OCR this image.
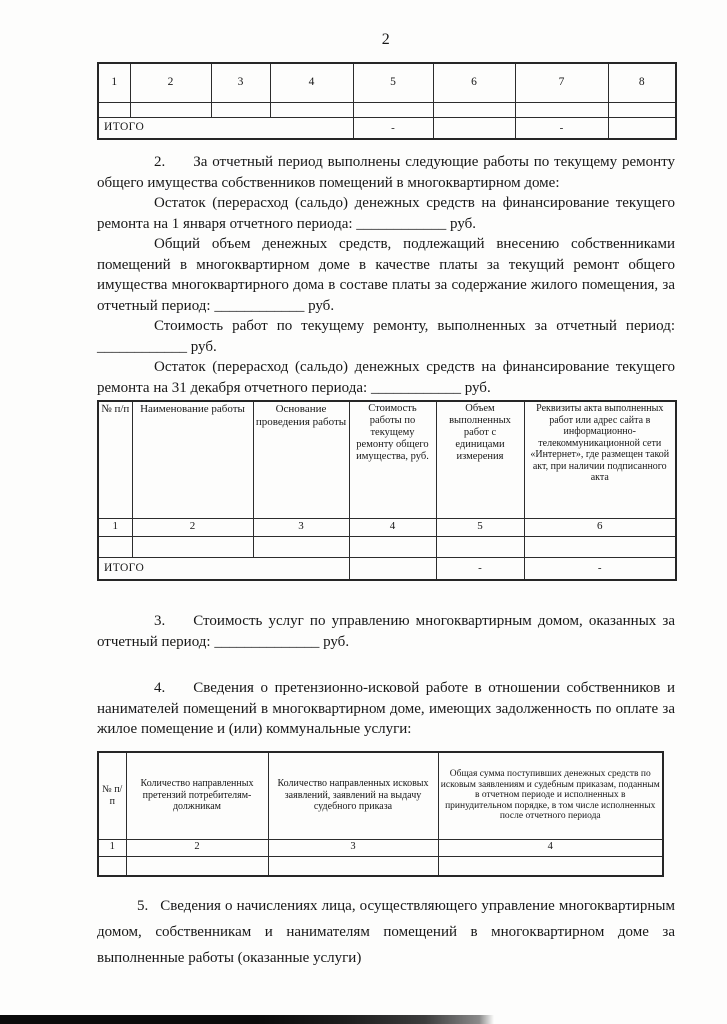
2
1	2	3	4	5	6	7	8

ИТОГО				-		-	

2. За отчетный период выполнены следующие работы по текущему ремонту общего имущества собственников помещений в многоквартирном доме:

Остаток (перерасход (сальдо) денежных средств на финансирование текущего ремонта на 1 января отчетного периода: ____________ руб.

Общий объем денежных средств, подлежащий внесению собственниками помещений в многоквартирном доме в качестве платы за текущий ремонт общего имущества многоквартирного дома в составе платы за содержание жилого помещения, за отчетный период: ____________ руб.

Стоимость работ по текущему ремонту, выполненных за отчетный период: ____________ руб.

Остаток (перерасход (сальдо) денежных средств на финансирование текущего ремонта на 31 декабря отчетного периода: ____________ руб.

№ п/п	Наименование работы	Основание проведения работы	Стоимость работы по текущему ремонту общего имущества, руб.	Объем выполненных работ с единицами измерения	Реквизиты акта выполненных работ или адрес сайта в информационно-телекоммуникационной сети «Интернет», где размещен такой акт, при наличии подписанного акта
1	2	3	4	5	6

ИТОГО				-	-

3. Стоимость услуг по управлению многоквартирным домом, оказанных за отчетный период: ______________ руб.

4. Сведения о претензионно-исковой работе в отношении собственников и нанимателей помещений в многоквартирном доме, имеющих задолженность по оплате за жилое помещение и (или) коммунальные услуги:

№ п/п	Количество направленных претензий потребителям-должникам	Количество направленных исковых заявлений, заявлений на выдачу судебного приказа	Общая сумма поступивших денежных средств по исковым заявлениям и судебным приказам, поданным в отчетном периоде и исполненных в принудительном порядке, в том числе исполненных после отчетного периода
1	2	3	4

5. Сведения о начислениях лица, осуществляющего управление многоквартирным домом, собственникам и нанимателям помещений в многоквартирном доме за выполненные работы (оказанные услуги)
